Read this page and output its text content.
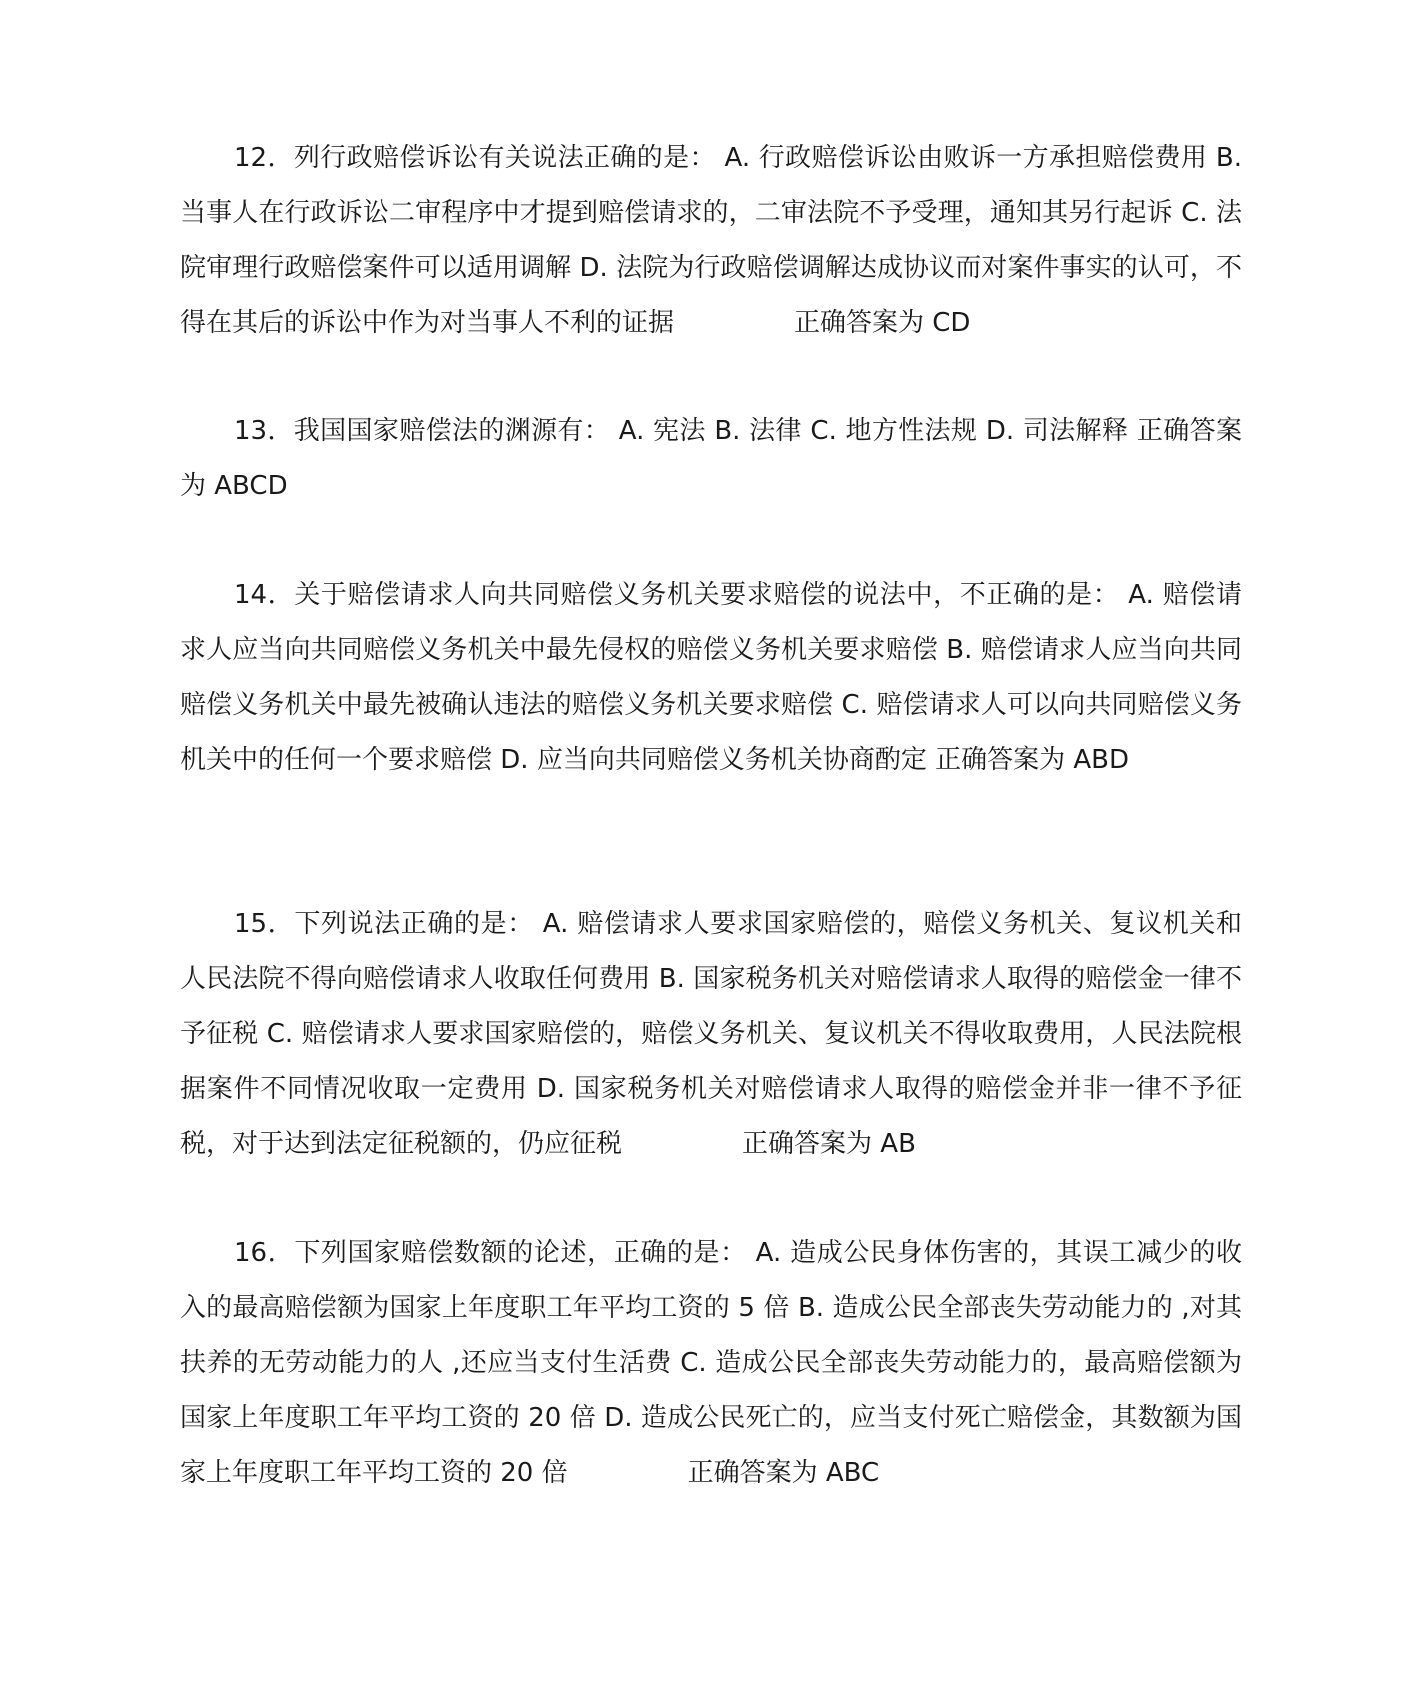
12．列行政赔偿诉讼有关说法正确的是： A. 行政赔偿诉讼由败诉一方承担赔偿费用 B. 当事人在行政诉讼二审程序中才提到赔偿请求的，二审法院不予受理，通知其另行起诉 C. 法院审理行政赔偿案件可以适用调解 D. 法院为行政赔偿调解达成协议而对案件事实的认可，不得在其后的诉讼中作为对当事人不利的证据	正确答案为 CD

13．我国国家赔偿法的渊源有： A. 宪法 B. 法律 C. 地方性法规 D. 司法解释 正确答案为 ABCD

14．关于赔偿请求人向共同赔偿义务机关要求赔偿的说法中，不正确的是： A. 赔偿请求人应当向共同赔偿义务机关中最先侵权的赔偿义务机关要求赔偿 B. 赔偿请求人应当向共同赔偿义务机关中最先被确认违法的赔偿义务机关要求赔偿 C. 赔偿请求人可以向共同赔偿义务机关中的任何一个要求赔偿 D. 应当向共同赔偿义务机关协商酌定 正确答案为 ABD

15．下列说法正确的是： A. 赔偿请求人要求国家赔偿的，赔偿义务机关、复议机关和人民法院不得向赔偿请求人收取任何费用 B. 国家税务机关对赔偿请求人取得的赔偿金一律不予征税 C. 赔偿请求人要求国家赔偿的，赔偿义务机关、复议机关不得收取费用，人民法院根据案件不同情况收取一定费用 D. 国家税务机关对赔偿请求人取得的赔偿金并非一律不予征税，对于达到法定征税额的，仍应征税	正确答案为 AB

16．下列国家赔偿数额的论述，正确的是： A. 造成公民身体伤害的，其误工减少的收入的最高赔偿额为国家上年度职工年平均工资的 5 倍 B. 造成公民全部丧失劳动能力的 ,对其扶养的无劳动能力的人 ,还应当支付生活费 C. 造成公民全部丧失劳动能力的，最高赔偿额为国家上年度职工年平均工资的 20 倍 D. 造成公民死亡的，应当支付死亡赔偿金，其数额为国家上年度职工年平均工资的 20 倍	正确答案为 ABC
